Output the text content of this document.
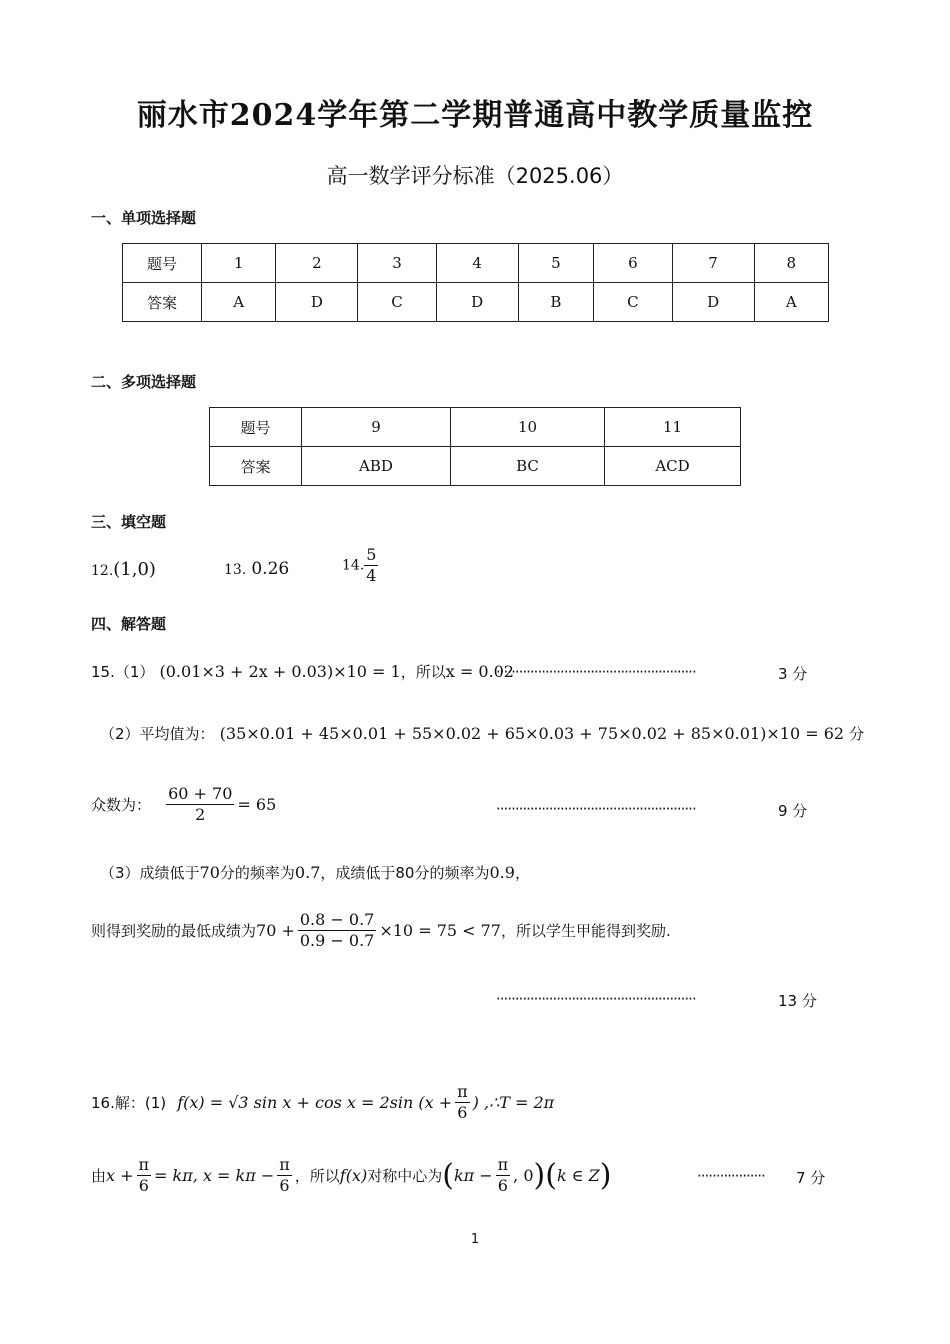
丽水市2024学年第二学期普通高中教学质量监控
高一数学评分标准（2025.06）
一、单项选择题
题号	1	2	3	4	5	6	7	8
答案	A	D	C	D	B	C	D	A
二、多项选择题
题号	9	10	11
答案	ABD	BC	ACD
三、填空题
12.(1,0)	13. 0.26	14. $\frac{5}{4}$
四、解答题
15.（1） (0.01×3 + 2x + 0.03)×10 = 1，所以x = 0.02
·····················································	3 分
（2）平均值为： (35×0.01 + 45×0.01 + 55×0.02 + 65×0.03 + 75×0.02 + 85×0.01)×10 = 62 分
众数为： $\frac{60 + 70}{2} = 65$	·····················································	9 分
（3）成绩低于70分的频率为0.7，成绩低于80分的频率为0.9，
则得到奖励的最低成绩为$70 + \frac{0.8 - 0.7}{0.9 - 0.7} \times 10 = 75 < 77$，所以学生甲能得到奖励.
·····················································	13 分
16.解：(1) f(x) = √3 sin x + cos x = 2sin ($x + \frac{\pi}{6}$ ) ,∴T = 2π
由$x + \frac{\pi}{6} = k\pi$, $x = k\pi - \frac{\pi}{6}$ ，所以f(x)对称中心为($k\pi - \frac{\pi}{6}$ , 0)(k ∈ Z)	·················· 7 分
1
